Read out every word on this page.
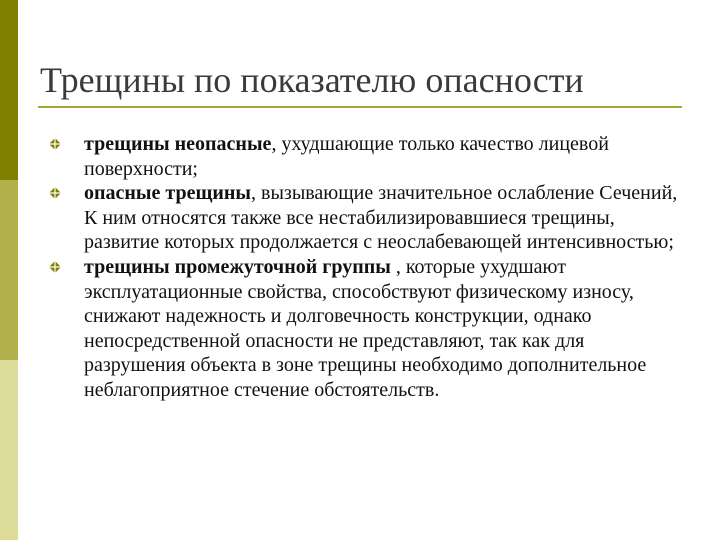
Трещины по показателю опасности
трещины неопасные, ухудшающие только качество лицевой поверхности;
опасные трещины, вызывающие значительное ослабление Сечений, К ним относятся также все нестабилизировавшиеся трещины, развитие которых продолжается с неослабевающей интенсивностью;
трещины промежуточной группы , которые ухудшают эксплуатационные свойства, способствуют физическому износу, снижают надежность и долговечность конструкции, однако непосредственной опасности не представляют, так как для разрушения объекта в зоне трещины необходимо дополнительное неблагоприятное стечение обстоятельств.
